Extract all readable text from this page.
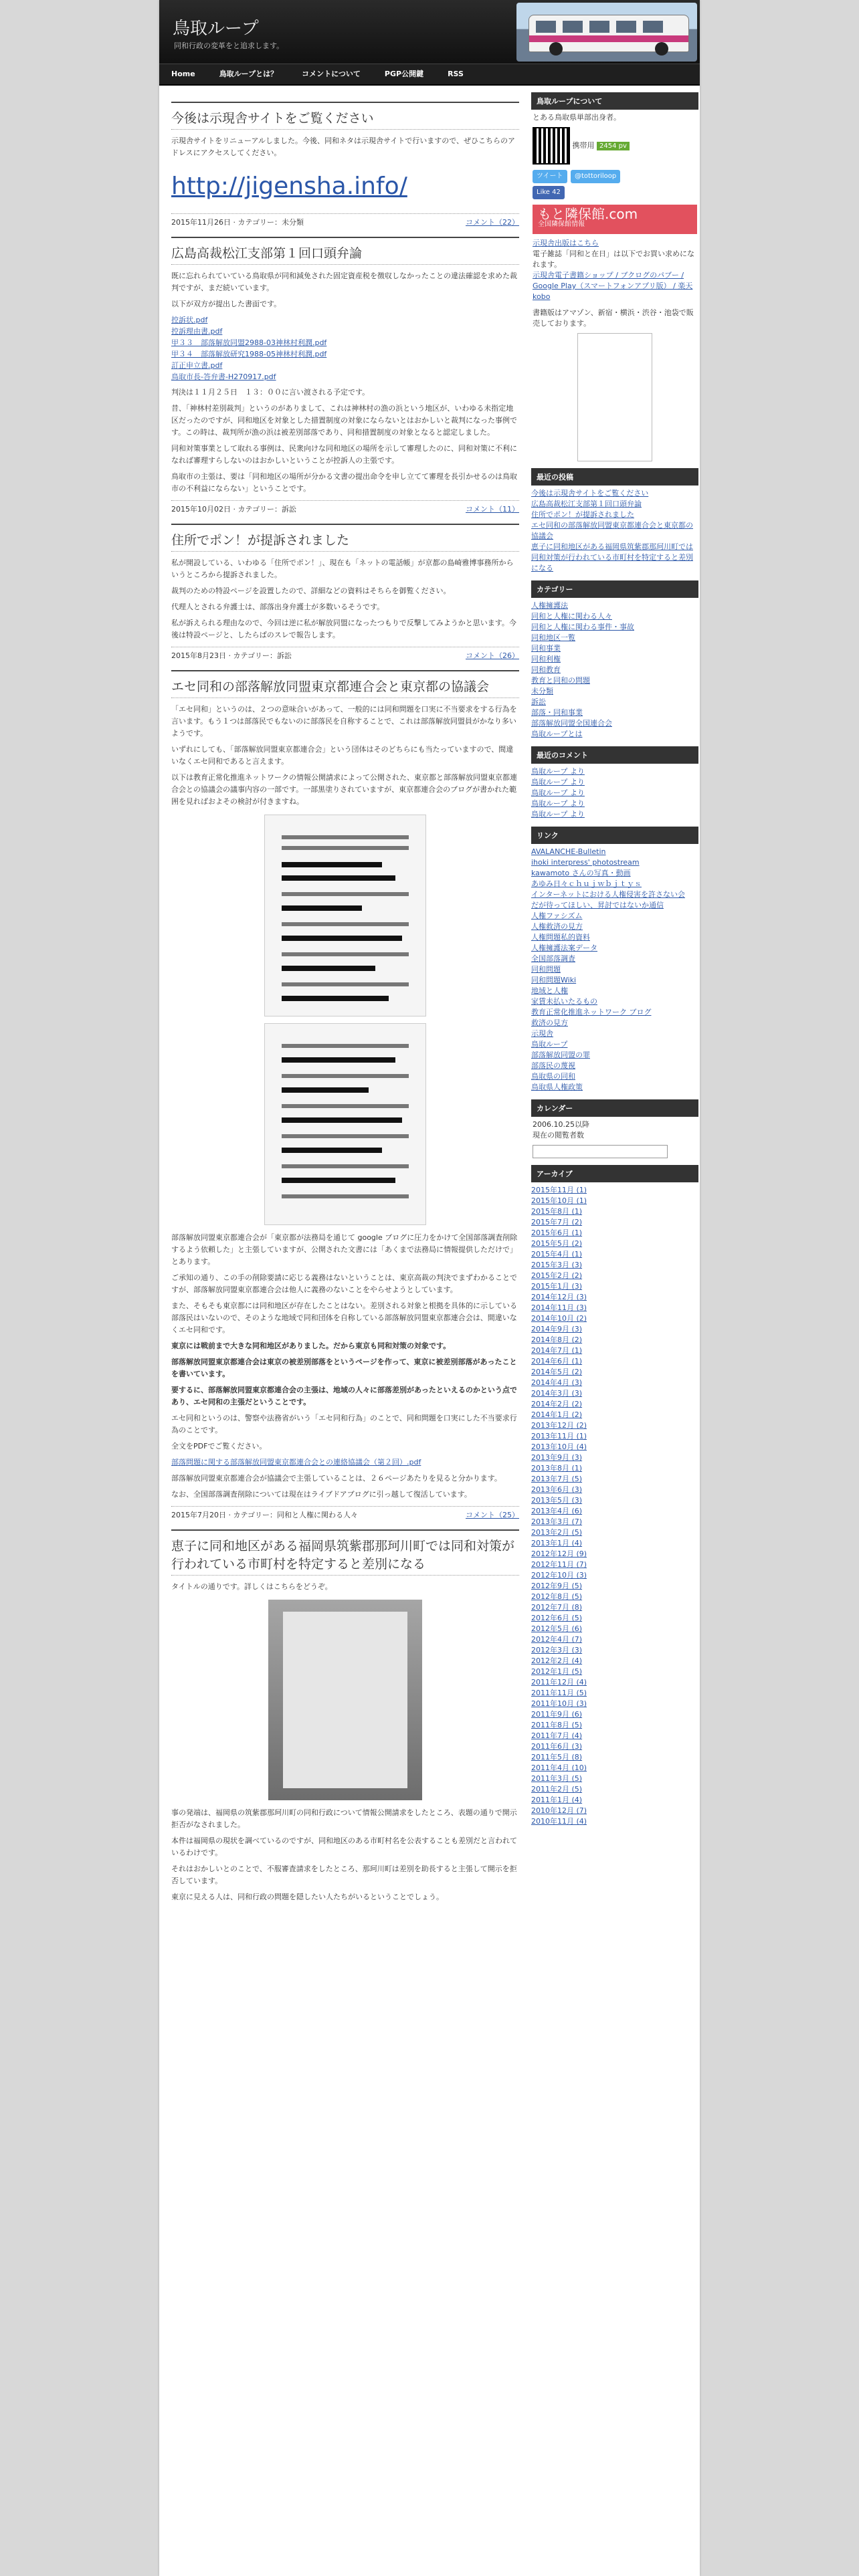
鳥取ループ
同和行政の変革をと追求します。
Home	鳥取ループとは？	コメントについて	PGP公開鍵	RSS
今後は示現舎サイトをご覧ください

示現舎サイトをリニューアルしました。今後、同和ネタは示現舎サイトで行いますので、ぜひこちらのアドレスにアクセスしてください。

http://jigensha.info/
2015年11月26日 · カテゴリー：未分類	コメント（22）
広島高裁松江支部第１回口頭弁論

既に忘れられていている鳥取県が同和減免された固定資産税を徴収しなかったことの違法確認を求めた裁判ですが、まだ続いています。

以下が双方が提出した書面です。

控訴状.pdf
控訴理由書.pdf
甲３３　部落解放同盟2988-03神林村利潤.pdf
甲３４　部落解放研究1988-05神林村利潤.pdf
訂正申立書.pdf
鳥取市長-答弁書-H270917.pdf

判決は１１月２５日　１３：００に言い渡される予定です。

昔、「神林村差別裁判」というのがありまして、これは神林村の漁の浜という地区が、いわゆる未指定地区だったのですが、同和地区を対象とした措置制度の対象にならないとはおかしいと裁判になった事例です。この時は、裁判所が漁の浜は被差別部落であり、同和措置制度の対象となると認定しました。

同和対策事業として取れる事例は、民衆向けな同和地区の場所を示して審理したのに、同和対策に不利になれば審理すらしないのはおかしいということが控訴人の主張です。

鳥取市の主張は、要は「同和地区の場所が分かる文書の提出命令を申し立てて審理を長引かせるのは鳥取市の不利益にならない」ということです。

2015年10月02日 · カテゴリー：訴訟	コメント（11）
住所でポン！が提訴されました

私が開設している、いわゆる「住所でポン！」、現在も「ネットの電話帳」が京都の島崎雅博事務所からいうところから提訴されました。

裁判のための特設ページを設置したので、詳細などの資料はそちらを御覧ください。

代理人とされる弁護士は、部落出身弁護士が多数いるそうです。

私が訴えられる理由なので、今回は逆に私が解放同盟になったつもりで反撃してみようかと思います。今後は特設ページと、したらばのスレで報告します。

2015年8月23日 · カテゴリー：訴訟	コメント（26）
エセ同和の部落解放同盟東京都連合会と東京都の協議会

「エセ同和」というのは、２つの意味合いがあって、一般的には同和問題を口実に不当要求をする行為を言います。もう１つは部落民でもないのに部落民を自称することで、これは部落解放同盟員がかなり多いようです。

いずれにしても、「部落解放同盟東京都連合会」という団体はそのどちらにも当たっていますので、間違いなくエセ同和であると言えます。

以下は教育正常化推進ネットワークの情報公開請求によって公開された、東京都と部落解放同盟東京都連合会との協議会の議事内容の一部です。一部黒塗りされていますが、東京都連合会のブログが書かれた範囲を見ればおよその検討が付きますね。

部落解放同盟東京都連合会が「東京都が法務局を通じて google ブログに圧力をかけて全国部落調査削除するよう依頼した」と主張していますが、公開された文書には「あくまで法務局に情報提供しただけで」とあります。

ご承知の通り、この手の削除要請に応じる義務はないということは、東京高裁の判決でまずわかることですが、部落解放同盟東京都連合会は他人に義務のないことをやらせようとしています。

また、そもそも東京都には同和地区が存在したことはない。差別される対象と根拠を具体的に示している部落民はいないので、そのような地域で同和団体を自称している部落解放同盟東京都連合会は、間違いなくエセ同和です。

東京には戦前まで大きな同和地区がありました。だから東京も同和対策の対象です。

部落解放同盟東京都連合会は東京の被差別部落をというページを作って、東京に被差別部落があったことを書いています。

要するに、部落解放同盟東京都連合会の主張は、地域の人々に部落差別があったといえるのかという点であり、エセ同和の主張だということです。

エセ同和というのは、警察や法務省がいう「エセ同和行為」のことで、同和問題を口実にした不当要求行為のことです。

全文をPDFでご覧ください。

部落問題に関する部落解放同盟東京都連合会との連絡協議会（第２回）.pdf

部落解放同盟東京都連合会が協議会で主張していることは、２６ページあたりを見ると分かります。

なお、全国部落調査削除については現在はライブドアブログに引っ越して復活しています。

2015年7月20日 · カテゴリー：同和と人権に関わる人々	コメント（25）
恵子に同和地区がある福岡県筑紫郡那珂川町では同和対策が行われている市町村を特定すると差別になる

タイトルの通りです。詳しくはこちらをどうぞ。

事の発端は、福岡県の筑紫郡那珂川町の同和行政について情報公開請求をしたところ、表題の通りで開示拒否がなされました。

本件は福岡県の現状を調べているのですが、同和地区のある市町村名を公表することも差別だと言われているわけです。

それはおかしいとのことで、不服審査請求をしたところ、那珂川町は差別を助長すると主張して開示を拒否しています。

東京に見える人は、同和行政の問題を隠したい人たちがいるということでしょう。

鳥取ループについて
とある鳥取県単部出身者。
携帯用 2454 pv
ツイート @tottoriloop
Like 42
もと隣保館.com
全国隣保館情報
示現舎出版はこちら
電子雑誌「同和と在日」は以下でお買い求めになれます。
示現舎電子書籍ショップ / ブクログのパブー / Google Play（スマートフォンアプリ版） / 楽天kobo
書籍版はアマゾン、新宿・横浜・渋谷・池袋で販売しております。
最近の投稿
今後は示現舎サイトをご覧ください
広島高裁松江支部第１回口頭弁論
住所でポン！が提訴されました
エセ同和の部落解放同盟東京都連合会と東京都の協議会
恵子に同和地区がある福岡県筑紫郡那珂川町では同和対策が行われている市町村を特定すると差別になる
カテゴリー
人権擁護法
同和と人権に関わる人々
同和と人権に関わる事件・事故
同和地区一覧
同和事業
同和利権
同和教育
教育と同和の問題
未分類
訴訟
部落・同和事業
部落解放同盟全国連合会
鳥取ループとは
最近のコメント
鳥取ループ より
鳥取ループ より
鳥取ループ より
鳥取ループ より
鳥取ループ より
リンク
AVALANCHE-Bulletin
ihoki interpress' photostream
kawamoto さんの写真・動画
あゆみ日々ｃｈｕｊｗｂｊｔｙｓ
インターネットにおける人権侵害を許さない会
だが待ってほしい、昇討ではないか通信
人権ファシズム
人権救済の見方
人権問題私的資料
人権擁護法案データ
全国部落調査
同和問題
同和問題Wiki
地域と人権
家賃未払いたるもの
教育正常化推進ネットワーク ブログ
救済の見方
示現舎
鳥取ループ
部落解放同盟の罪
部落民の蔑視
鳥取県の同和
鳥取県人権政策
カレンダー
2006.10.25以降
現在の閲覧者数
アーカイブ
2015年11月 (1)
2015年10月 (1)
2015年8月 (1)
2015年7月 (2)
2015年6月 (1)
2015年5月 (2)
2015年4月 (1)
2015年3月 (3)
2015年2月 (2)
2015年1月 (3)
2014年12月 (3)
2014年11月 (3)
2014年10月 (2)
2014年9月 (3)
2014年8月 (2)
2014年7月 (1)
2014年6月 (1)
2014年5月 (2)
2014年4月 (3)
2014年3月 (3)
2014年2月 (2)
2014年1月 (2)
2013年12月 (2)
2013年11月 (1)
2013年10月 (4)
2013年9月 (3)
2013年8月 (1)
2013年7月 (5)
2013年6月 (3)
2013年5月 (3)
2013年4月 (6)
2013年3月 (7)
2013年2月 (5)
2013年1月 (4)
2012年12月 (9)
2012年11月 (7)
2012年10月 (3)
2012年9月 (5)
2012年8月 (5)
2012年7月 (8)
2012年6月 (5)
2012年5月 (6)
2012年4月 (7)
2012年3月 (3)
2012年2月 (4)
2012年1月 (5)
2011年12月 (4)
2011年11月 (5)
2011年10月 (3)
2011年9月 (6)
2011年8月 (5)
2011年7月 (4)
2011年6月 (3)
2011年5月 (8)
2011年4月 (10)
2011年3月 (5)
2011年2月 (5)
2011年1月 (4)
2010年12月 (7)
2010年11月 (4)
